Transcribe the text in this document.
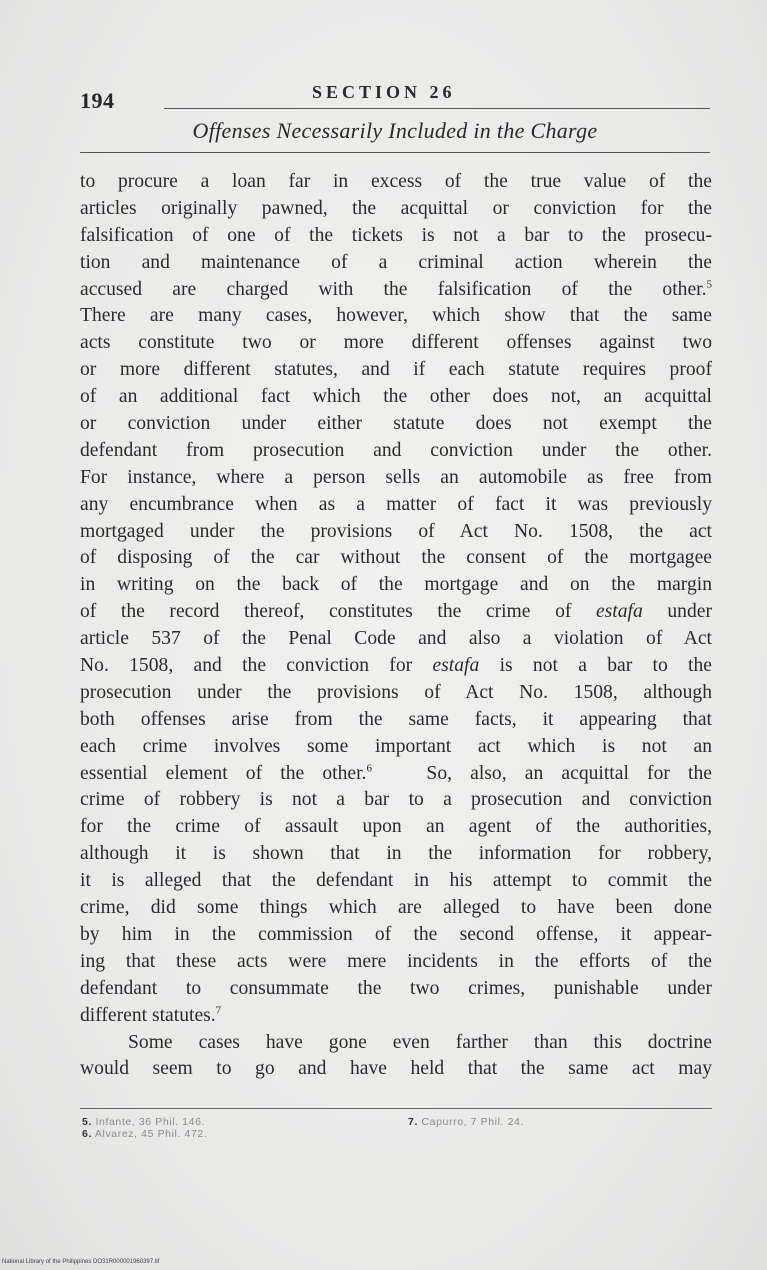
194	SECTION 26
Offenses Necessarily Included in the Charge
to procure a loan far in excess of the true value of the
articles originally pawned, the acquittal or conviction for the
falsification of one of the tickets is not a bar to the prosecu-
tion and maintenance of a criminal action wherein the
accused are charged with the falsification of the other.$^5$
There are many cases, however, which show that the same
acts constitute two or more different offenses against two
or more different statutes, and if each statute requires proof
of an additional fact which the other does not, an acquittal
or conviction under either statute does not exempt the
defendant from prosecution and conviction under the other.
For instance, where a person sells an automobile as free from
any encumbrance when as a matter of fact it was previously
mortgaged under the provisions of Act No. 1508, the act
of disposing of the car without the consent of the mortgagee
in writing on the back of the mortgage and on the margin
of the record thereof, constitutes the crime of estafa under
article 537 of the Penal Code and also a violation of Act
No. 1508, and the conviction for estafa is not a bar to the
prosecution under the provisions of Act No. 1508, although
both offenses arise from the same facts, it appearing that
each crime involves some important act which is not an
essential element of the other.$^6$	So, also, an acquittal for the
crime of robbery is not a bar to a prosecution and conviction
for the crime of assault upon an agent of the authorities,
although it is shown that in the information for robbery,
it is alleged that the defendant in his attempt to commit the
crime, did some things which are alleged to have been done
by him in the commission of the second offense, it appear-
ing that these acts were mere incidents in the efforts of the
defendant to consummate the two crimes, punishable under
different statutes.$^7$
Some cases have gone even farther than this doctrine
would seem to go and have held that the same act may
5. Infante, 36 Phil. 146.
6. Alvarez, 45 Phil. 472.
7. Capurro, 7 Phil. 24.
National Library of the Philippines DO31R000001960397.tif
